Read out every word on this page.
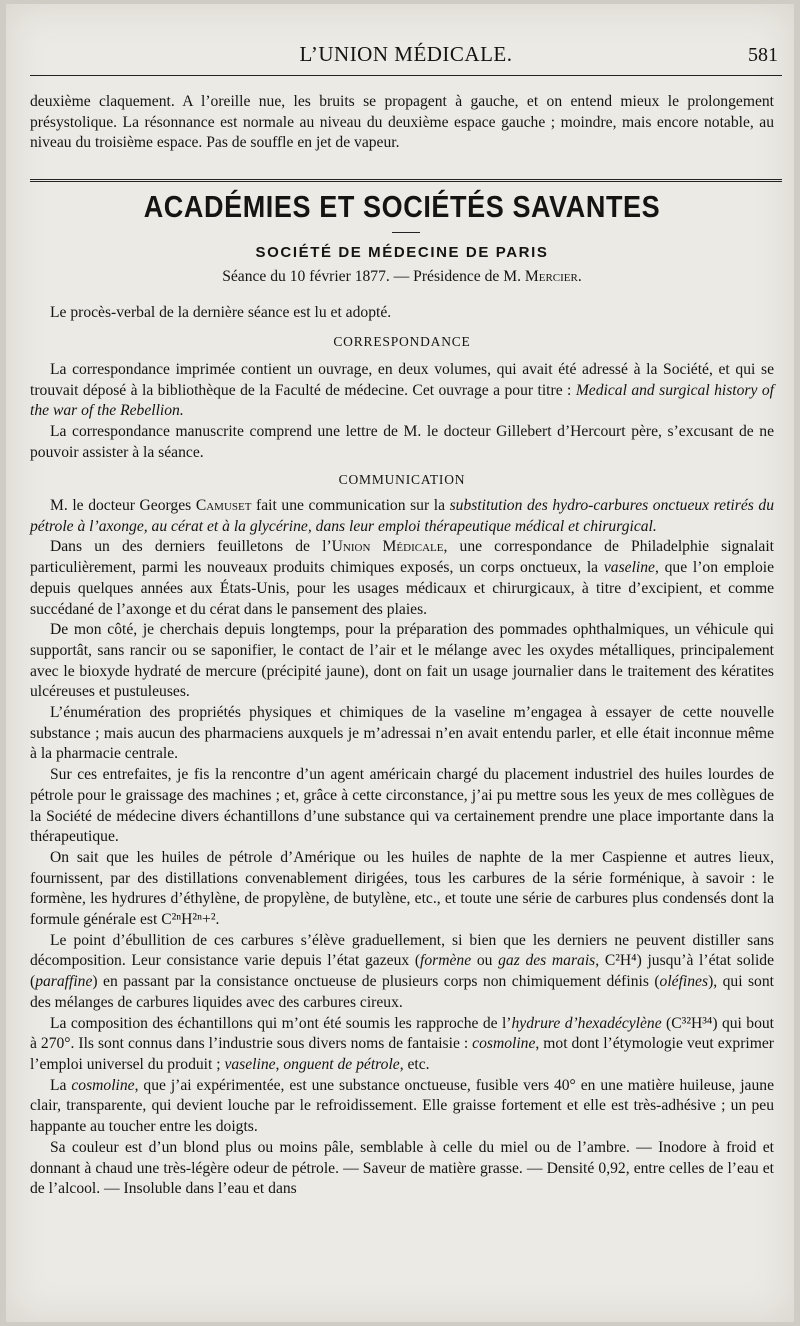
L’UNION MÉDICALE.	581

deuxième claquement. A l’oreille nue, les bruits se propagent à gauche, et on entend mieux le prolongement présystolique. La résonnance est normale au niveau du deuxième espace gauche ; moindre, mais encore notable, au niveau du troisième espace. Pas de souffle en jet de vapeur.

ACADÉMIES ET SOCIÉTÉS SAVANTES
SOCIÉTÉ DE MÉDECINE DE PARIS
Séance du 10 février 1877. — Présidence de M. Mercier.

Le procès-verbal de la dernière séance est lu et adopté.

CORRESPONDANCE

La correspondance imprimée contient un ouvrage, en deux volumes, qui avait été adressé à la Société, et qui se trouvait déposé à la bibliothèque de la Faculté de médecine. Cet ouvrage a pour titre : Medical and surgical history of the war of the Rebellion.

La correspondance manuscrite comprend une lettre de M. le docteur Gillebert d’Hercourt père, s’excusant de ne pouvoir assister à la séance.

COMMUNICATION

M. le docteur Georges Camuset fait une communication sur la substitution des hydro-carbures onctueux retirés du pétrole à l’axonge, au cérat et à la glycérine, dans leur emploi thérapeutique médical et chirurgical.

Dans un des derniers feuilletons de l’Union Médicale, une correspondance de Philadelphie signalait particulièrement, parmi les nouveaux produits chimiques exposés, un corps onctueux, la vaseline, que l’on emploie depuis quelques années aux États-Unis, pour les usages médicaux et chirurgicaux, à titre d’excipient, et comme succédané de l’axonge et du cérat dans le pansement des plaies.

De mon côté, je cherchais depuis longtemps, pour la préparation des pommades ophthalmiques, un véhicule qui supportât, sans rancir ou se saponifier, le contact de l’air et le mélange avec les oxydes métalliques, principalement avec le bioxyde hydraté de mercure (précipité jaune), dont on fait un usage journalier dans le traitement des kératites ulcéreuses et pustuleuses.

L’énumération des propriétés physiques et chimiques de la vaseline m’engagea à essayer de cette nouvelle substance ; mais aucun des pharmaciens auxquels je m’adressai n’en avait entendu parler, et elle était inconnue même à la pharmacie centrale.

Sur ces entrefaites, je fis la rencontre d’un agent américain chargé du placement industriel des huiles lourdes de pétrole pour le graissage des machines ; et, grâce à cette circonstance, j’ai pu mettre sous les yeux de mes collègues de la Société de médecine divers échantillons d’une substance qui va certainement prendre une place importante dans la thérapeutique.

On sait que les huiles de pétrole d’Amérique ou les huiles de naphte de la mer Caspienne et autres lieux, fournissent, par des distillations convenablement dirigées, tous les carbures de la série forménique, à savoir : le formène, les hydrures d’éthylène, de propylène, de butylène, etc., et toute une série de carbures plus condensés dont la formule générale est C²ⁿH²ⁿ+².

Le point d’ébullition de ces carbures s’élève graduellement, si bien que les derniers ne peuvent distiller sans décomposition. Leur consistance varie depuis l’état gazeux (formène ou gaz des marais, C²H⁴) jusqu’à l’état solide (paraffine) en passant par la consistance onctueuse de plusieurs corps non chimiquement définis (oléfines), qui sont des mélanges de carbures liquides avec des carbures cireux.

La composition des échantillons qui m’ont été soumis les rapproche de l’hydrure d’hexadécylène (C³²H³⁴) qui bout à 270°. Ils sont connus dans l’industrie sous divers noms de fantaisie : cosmoline, mot dont l’étymologie veut exprimer l’emploi universel du produit ; vaseline, onguent de pétrole, etc.

La cosmoline, que j’ai expérimentée, est une substance onctueuse, fusible vers 40° en une matière huileuse, jaune clair, transparente, qui devient louche par le refroidissement. Elle graisse fortement et elle est très-adhésive ; un peu happante au toucher entre les doigts.

Sa couleur est d’un blond plus ou moins pâle, semblable à celle du miel ou de l’ambre. — Inodore à froid et donnant à chaud une très-légère odeur de pétrole. — Saveur de matière grasse. — Densité 0,92, entre celles de l’eau et de l’alcool. — Insoluble dans l’eau et dans
